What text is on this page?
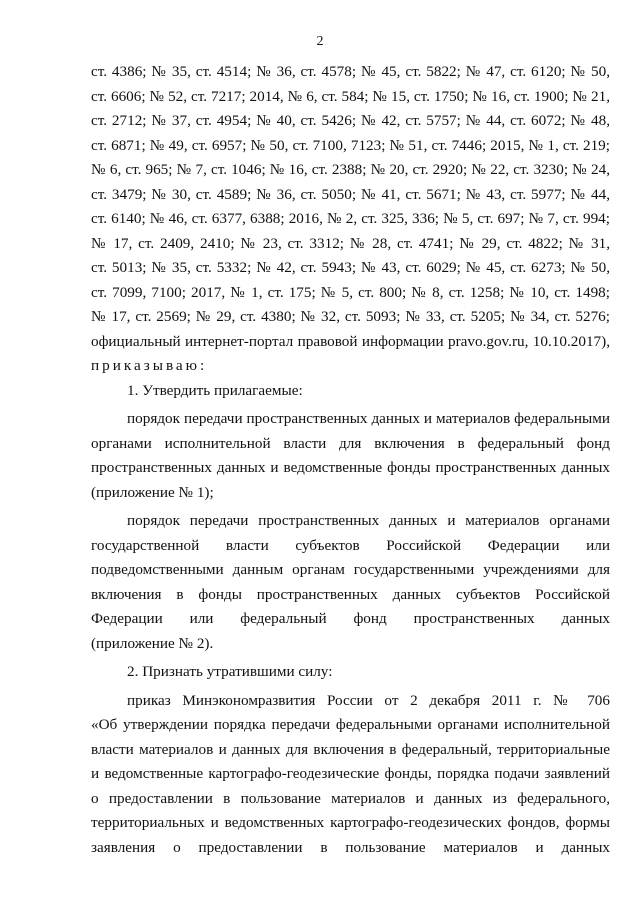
2
ст. 4386; № 35, ст. 4514; № 36, ст. 4578; № 45, ст. 5822; № 47, ст. 6120; № 50,
ст. 6606; № 52, ст. 7217; 2014, № 6, ст. 584; № 15, ст. 1750; № 16, ст. 1900; № 21,
ст. 2712; № 37, ст. 4954; № 40, ст. 5426; № 42, ст. 5757; № 44, ст. 6072; № 48,
ст. 6871; № 49, ст. 6957; № 50, ст. 7100, 7123; № 51, ст. 7446; 2015, № 1, ст. 219;
№ 6, ст. 965; № 7, ст. 1046; № 16, ст. 2388; № 20, ст. 2920; № 22, ст. 3230; № 24,
ст. 3479; № 30, ст. 4589; № 36, ст. 5050; № 41, ст. 5671; № 43, ст. 5977; № 44,
ст. 6140; № 46, ст. 6377, 6388; 2016, № 2, ст. 325, 336; № 5, ст. 697; № 7, ст. 994;
№ 17, ст. 2409, 2410; № 23, ст. 3312; № 28, ст. 4741; № 29, ст. 4822; № 31,
ст. 5013; № 35, ст. 5332; № 42, ст. 5943; № 43, ст. 6029; № 45, ст. 6273; № 50,
ст. 7099, 7100; 2017, № 1, ст. 175; № 5, ст. 800; № 8, ст. 1258; № 10, ст. 1498;
№ 17, ст. 2569; № 29, ст. 4380; № 32, ст. 5093; № 33, ст. 5205; № 34, ст. 5276;
официальный интернет-портал правовой информации pravo.gov.ru, 10.10.2017),
приказываю:
1. Утвердить прилагаемые:
порядок передачи пространственных данных и материалов федеральными
органами исполнительной власти для включения в федеральный фонд
пространственных данных и ведомственные фонды пространственных данных
(приложение № 1);
порядок передачи пространственных данных и материалов органами
государственной власти субъектов Российской Федерации или
подведомственными данным органам государственными учреждениями для
включения в фонды пространственных данных субъектов Российской
Федерации или федеральный фонд пространственных данных
(приложение № 2).
2. Признать утратившими силу:
приказ Минэкономразвития России от 2 декабря 2011 г. № 706
«Об утверждении порядка передачи федеральными органами исполнительной
власти материалов и данных для включения в федеральный, территориальные
и ведомственные картографо-геодезические фонды, порядка подачи заявлений
о предоставлении в пользование материалов и данных из федерального,
территориальных и ведомственных картографо-геодезических фондов, формы
заявления о предоставлении в пользование материалов и данных
